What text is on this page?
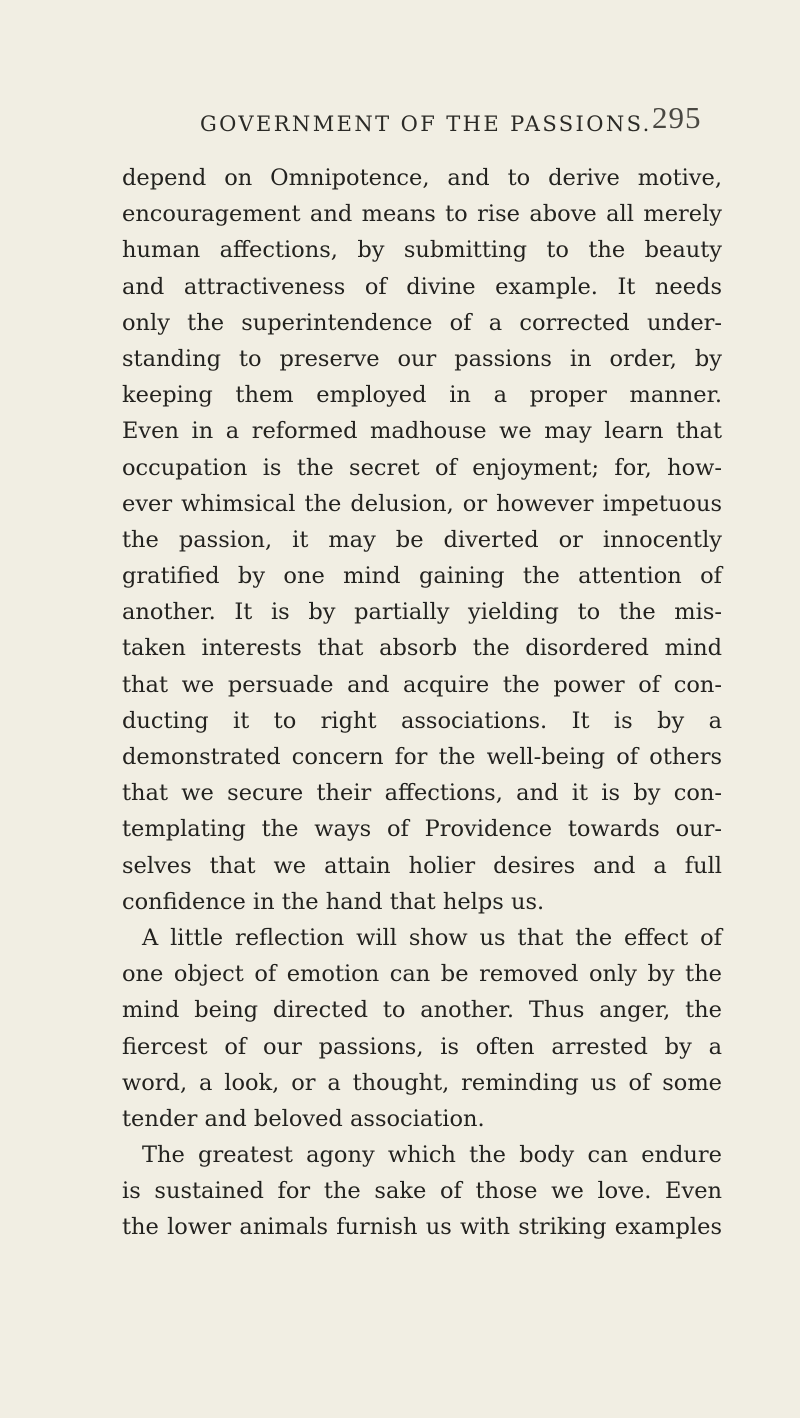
GOVERNMENT OF THE PASSIONS. 295
depend on Omnipotence, and to derive motive,
encouragement and means to rise above all merely
human affections, by submitting to the beauty
and attractiveness of divine example. It needs
only the superintendence of a corrected under-
standing to preserve our passions in order, by
keeping them employed in a proper manner.
Even in a reformed madhouse we may learn that
occupation is the secret of enjoyment; for, how-
ever whimsical the delusion, or however impetuous
the passion, it may be diverted or innocently
gratified by one mind gaining the attention of
another. It is by partially yielding to the mis-
taken interests that absorb the disordered mind
that we persuade and acquire the power of con-
ducting it to right associations. It is by a
demonstrated concern for the well-being of others
that we secure their affections, and it is by con-
templating the ways of Providence towards our-
selves that we attain holier desires and a full
confidence in the hand that helps us.
A little reflection will show us that the effect of
one object of emotion can be removed only by the
mind being directed to another. Thus anger, the
fiercest of our passions, is often arrested by a
word, a look, or a thought, reminding us of some
tender and beloved association.
The greatest agony which the body can endure
is sustained for the sake of those we love. Even
the lower animals furnish us with striking examples
